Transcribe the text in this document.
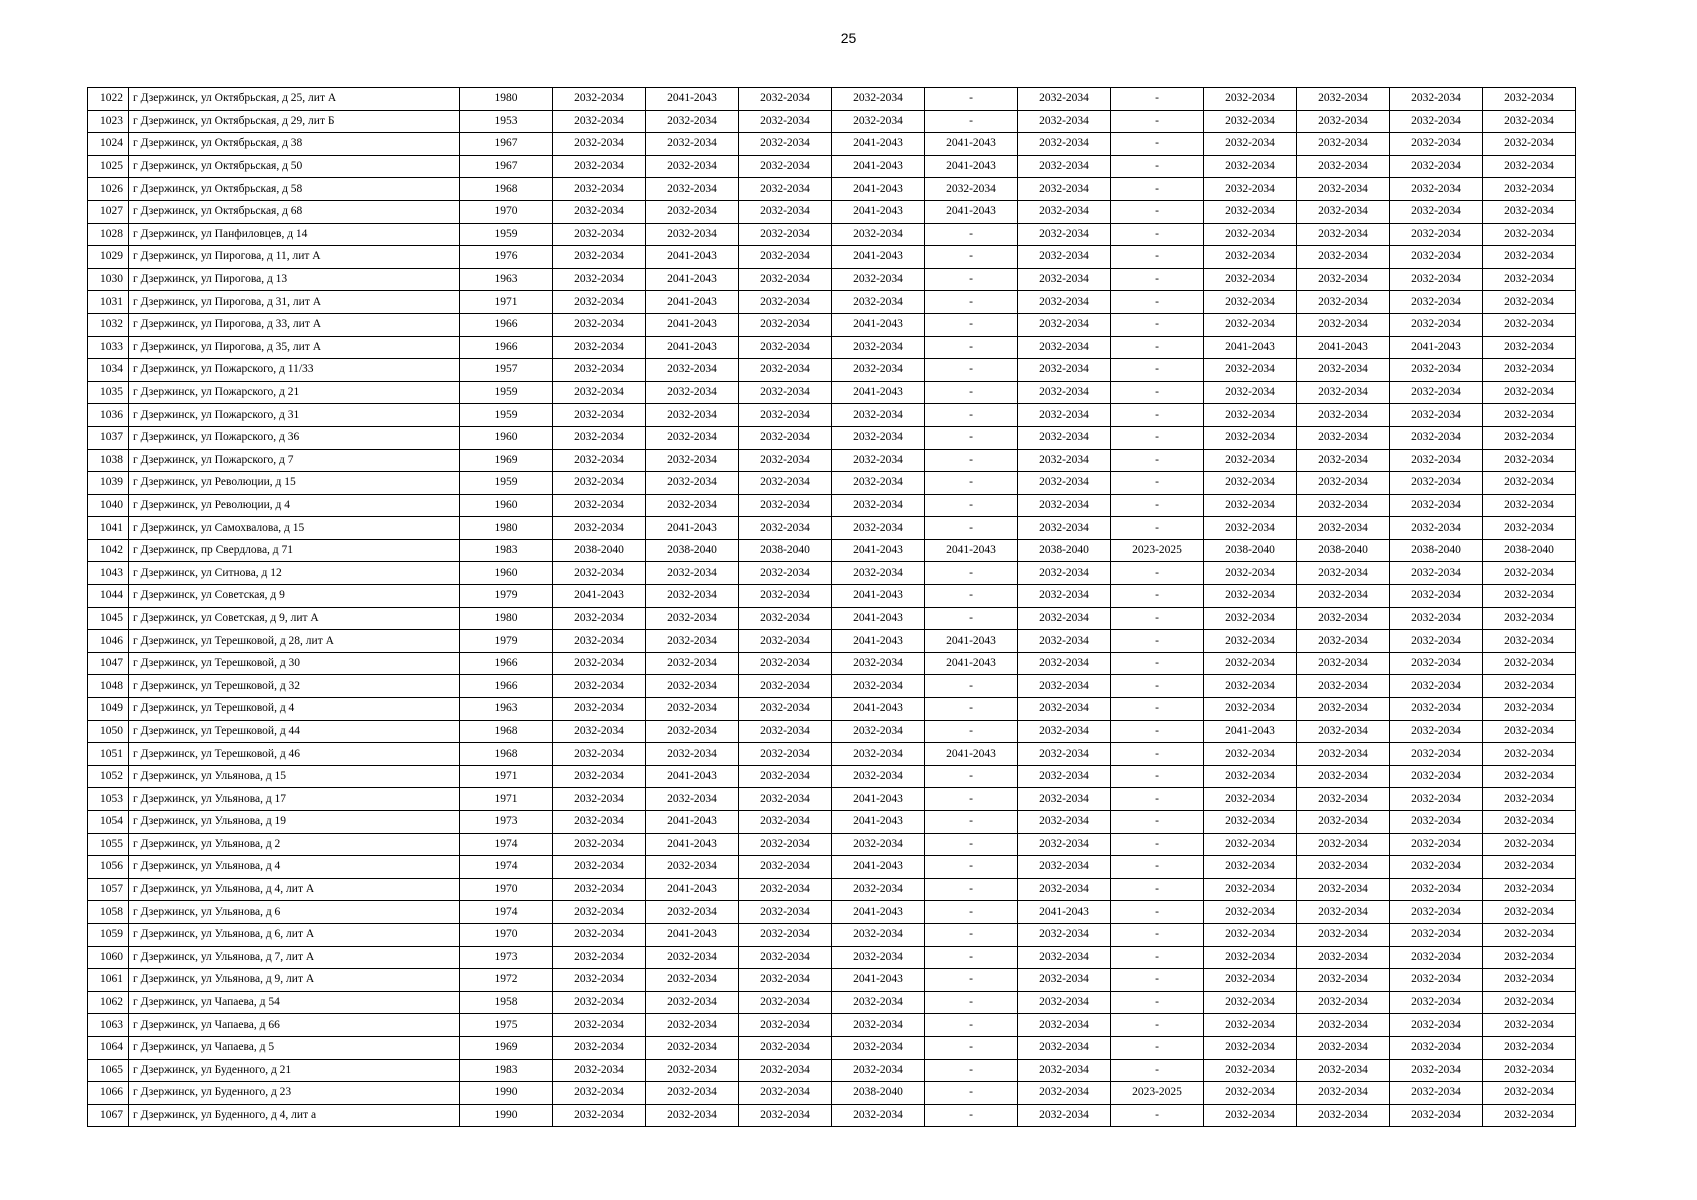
25
1022	г Дзержинск, ул Октябрьская, д 25, лит А	1980	2032-2034	2041-2043	2032-2034	2032-2034	-	2032-2034	-	2032-2034	2032-2034	2032-2034	2032-2034
1023	г Дзержинск, ул Октябрьская, д 29, лит Б	1953	2032-2034	2032-2034	2032-2034	2032-2034	-	2032-2034	-	2032-2034	2032-2034	2032-2034	2032-2034
1024	г Дзержинск, ул Октябрьская, д 38	1967	2032-2034	2032-2034	2032-2034	2041-2043	2041-2043	2032-2034	-	2032-2034	2032-2034	2032-2034	2032-2034
1025	г Дзержинск, ул Октябрьская, д 50	1967	2032-2034	2032-2034	2032-2034	2041-2043	2041-2043	2032-2034	-	2032-2034	2032-2034	2032-2034	2032-2034
1026	г Дзержинск, ул Октябрьская, д 58	1968	2032-2034	2032-2034	2032-2034	2041-2043	2032-2034	2032-2034	-	2032-2034	2032-2034	2032-2034	2032-2034
1027	г Дзержинск, ул Октябрьская, д 68	1970	2032-2034	2032-2034	2032-2034	2041-2043	2041-2043	2032-2034	-	2032-2034	2032-2034	2032-2034	2032-2034
1028	г Дзержинск, ул Панфиловцев, д 14	1959	2032-2034	2032-2034	2032-2034	2032-2034	-	2032-2034	-	2032-2034	2032-2034	2032-2034	2032-2034
1029	г Дзержинск, ул Пирогова, д 11, лит А	1976	2032-2034	2041-2043	2032-2034	2041-2043	-	2032-2034	-	2032-2034	2032-2034	2032-2034	2032-2034
1030	г Дзержинск, ул Пирогова, д 13	1963	2032-2034	2041-2043	2032-2034	2032-2034	-	2032-2034	-	2032-2034	2032-2034	2032-2034	2032-2034
1031	г Дзержинск, ул Пирогова, д 31, лит А	1971	2032-2034	2041-2043	2032-2034	2032-2034	-	2032-2034	-	2032-2034	2032-2034	2032-2034	2032-2034
1032	г Дзержинск, ул Пирогова, д 33, лит А	1966	2032-2034	2041-2043	2032-2034	2041-2043	-	2032-2034	-	2032-2034	2032-2034	2032-2034	2032-2034
1033	г Дзержинск, ул Пирогова, д 35, лит А	1966	2032-2034	2041-2043	2032-2034	2032-2034	-	2032-2034	-	2041-2043	2041-2043	2041-2043	2032-2034
1034	г Дзержинск, ул Пожарского, д 11/33	1957	2032-2034	2032-2034	2032-2034	2032-2034	-	2032-2034	-	2032-2034	2032-2034	2032-2034	2032-2034
1035	г Дзержинск, ул Пожарского, д 21	1959	2032-2034	2032-2034	2032-2034	2041-2043	-	2032-2034	-	2032-2034	2032-2034	2032-2034	2032-2034
1036	г Дзержинск, ул Пожарского, д 31	1959	2032-2034	2032-2034	2032-2034	2032-2034	-	2032-2034	-	2032-2034	2032-2034	2032-2034	2032-2034
1037	г Дзержинск, ул Пожарского, д 36	1960	2032-2034	2032-2034	2032-2034	2032-2034	-	2032-2034	-	2032-2034	2032-2034	2032-2034	2032-2034
1038	г Дзержинск, ул Пожарского, д 7	1969	2032-2034	2032-2034	2032-2034	2032-2034	-	2032-2034	-	2032-2034	2032-2034	2032-2034	2032-2034
1039	г Дзержинск, ул Революции, д 15	1959	2032-2034	2032-2034	2032-2034	2032-2034	-	2032-2034	-	2032-2034	2032-2034	2032-2034	2032-2034
1040	г Дзержинск, ул Революции, д 4	1960	2032-2034	2032-2034	2032-2034	2032-2034	-	2032-2034	-	2032-2034	2032-2034	2032-2034	2032-2034
1041	г Дзержинск, ул Самохвалова, д 15	1980	2032-2034	2041-2043	2032-2034	2032-2034	-	2032-2034	-	2032-2034	2032-2034	2032-2034	2032-2034
1042	г Дзержинск, пр Свердлова, д 71	1983	2038-2040	2038-2040	2038-2040	2041-2043	2041-2043	2038-2040	2023-2025	2038-2040	2038-2040	2038-2040	2038-2040
1043	г Дзержинск, ул Ситнова, д 12	1960	2032-2034	2032-2034	2032-2034	2032-2034	-	2032-2034	-	2032-2034	2032-2034	2032-2034	2032-2034
1044	г Дзержинск, ул Советская, д 9	1979	2041-2043	2032-2034	2032-2034	2041-2043	-	2032-2034	-	2032-2034	2032-2034	2032-2034	2032-2034
1045	г Дзержинск, ул Советская, д 9, лит А	1980	2032-2034	2032-2034	2032-2034	2041-2043	-	2032-2034	-	2032-2034	2032-2034	2032-2034	2032-2034
1046	г Дзержинск, ул Терешковой, д 28, лит А	1979	2032-2034	2032-2034	2032-2034	2041-2043	2041-2043	2032-2034	-	2032-2034	2032-2034	2032-2034	2032-2034
1047	г Дзержинск, ул Терешковой, д 30	1966	2032-2034	2032-2034	2032-2034	2032-2034	2041-2043	2032-2034	-	2032-2034	2032-2034	2032-2034	2032-2034
1048	г Дзержинск, ул Терешковой, д 32	1966	2032-2034	2032-2034	2032-2034	2032-2034	-	2032-2034	-	2032-2034	2032-2034	2032-2034	2032-2034
1049	г Дзержинск, ул Терешковой, д 4	1963	2032-2034	2032-2034	2032-2034	2041-2043	-	2032-2034	-	2032-2034	2032-2034	2032-2034	2032-2034
1050	г Дзержинск, ул Терешковой, д 44	1968	2032-2034	2032-2034	2032-2034	2032-2034	-	2032-2034	-	2041-2043	2032-2034	2032-2034	2032-2034
1051	г Дзержинск, ул Терешковой, д 46	1968	2032-2034	2032-2034	2032-2034	2032-2034	2041-2043	2032-2034	-	2032-2034	2032-2034	2032-2034	2032-2034
1052	г Дзержинск, ул Ульянова, д 15	1971	2032-2034	2041-2043	2032-2034	2032-2034	-	2032-2034	-	2032-2034	2032-2034	2032-2034	2032-2034
1053	г Дзержинск, ул Ульянова, д 17	1971	2032-2034	2032-2034	2032-2034	2041-2043	-	2032-2034	-	2032-2034	2032-2034	2032-2034	2032-2034
1054	г Дзержинск, ул Ульянова, д 19	1973	2032-2034	2041-2043	2032-2034	2041-2043	-	2032-2034	-	2032-2034	2032-2034	2032-2034	2032-2034
1055	г Дзержинск, ул Ульянова, д 2	1974	2032-2034	2041-2043	2032-2034	2032-2034	-	2032-2034	-	2032-2034	2032-2034	2032-2034	2032-2034
1056	г Дзержинск, ул Ульянова, д 4	1974	2032-2034	2032-2034	2032-2034	2041-2043	-	2032-2034	-	2032-2034	2032-2034	2032-2034	2032-2034
1057	г Дзержинск, ул Ульянова, д 4, лит А	1970	2032-2034	2041-2043	2032-2034	2032-2034	-	2032-2034	-	2032-2034	2032-2034	2032-2034	2032-2034
1058	г Дзержинск, ул Ульянова, д 6	1974	2032-2034	2032-2034	2032-2034	2041-2043	-	2041-2043	-	2032-2034	2032-2034	2032-2034	2032-2034
1059	г Дзержинск, ул Ульянова, д 6, лит А	1970	2032-2034	2041-2043	2032-2034	2032-2034	-	2032-2034	-	2032-2034	2032-2034	2032-2034	2032-2034
1060	г Дзержинск, ул Ульянова, д 7, лит А	1973	2032-2034	2032-2034	2032-2034	2032-2034	-	2032-2034	-	2032-2034	2032-2034	2032-2034	2032-2034
1061	г Дзержинск, ул Ульянова, д 9, лит А	1972	2032-2034	2032-2034	2032-2034	2041-2043	-	2032-2034	-	2032-2034	2032-2034	2032-2034	2032-2034
1062	г Дзержинск, ул Чапаева, д 54	1958	2032-2034	2032-2034	2032-2034	2032-2034	-	2032-2034	-	2032-2034	2032-2034	2032-2034	2032-2034
1063	г Дзержинск, ул Чапаева, д 66	1975	2032-2034	2032-2034	2032-2034	2032-2034	-	2032-2034	-	2032-2034	2032-2034	2032-2034	2032-2034
1064	г Дзержинск, ул Чапаева, д 5	1969	2032-2034	2032-2034	2032-2034	2032-2034	-	2032-2034	-	2032-2034	2032-2034	2032-2034	2032-2034
1065	г Дзержинск, ул Буденного, д 21	1983	2032-2034	2032-2034	2032-2034	2032-2034	-	2032-2034	-	2032-2034	2032-2034	2032-2034	2032-2034
1066	г Дзержинск, ул Буденного, д 23	1990	2032-2034	2032-2034	2032-2034	2038-2040	-	2032-2034	2023-2025	2032-2034	2032-2034	2032-2034	2032-2034
1067	г Дзержинск, ул Буденного, д 4, лит а	1990	2032-2034	2032-2034	2032-2034	2032-2034	-	2032-2034	-	2032-2034	2032-2034	2032-2034	2032-2034
